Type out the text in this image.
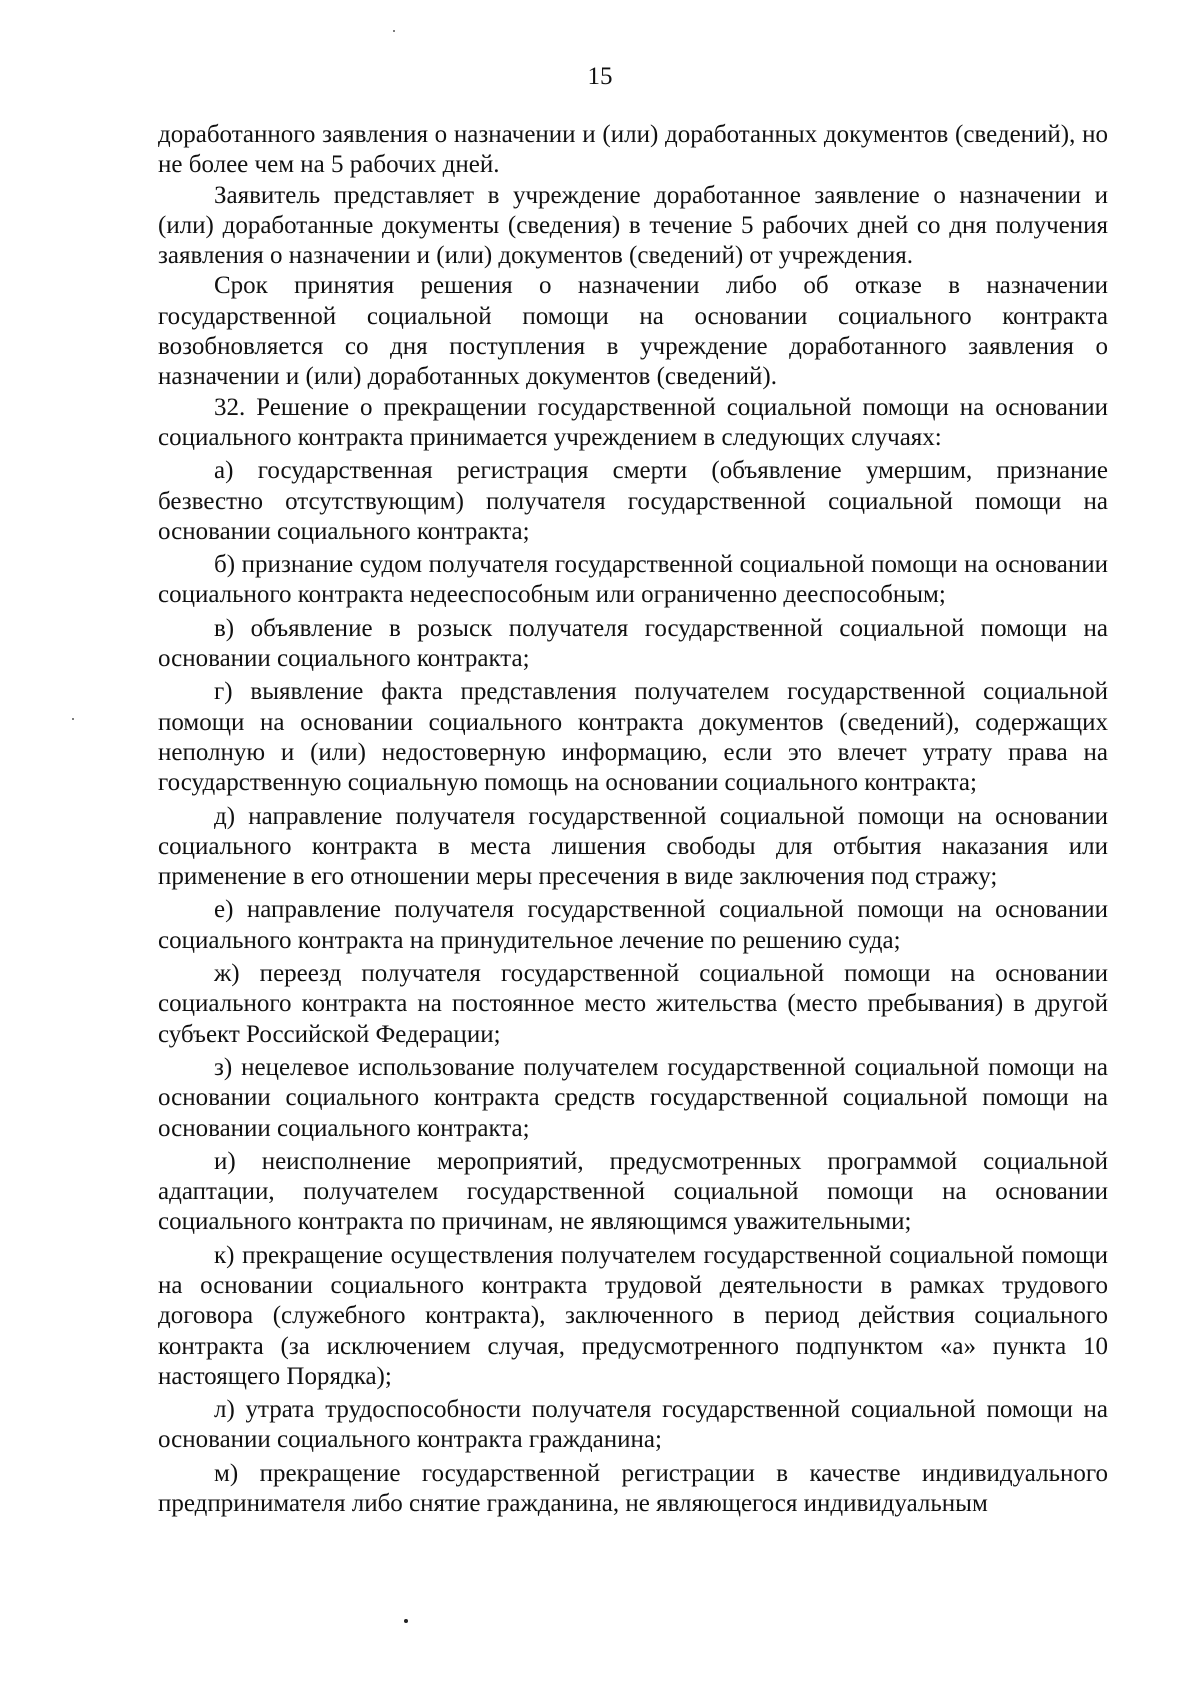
15

доработанного заявления о назначении и (или) доработанных документов (сведений), но не более чем на 5 рабочих дней.

Заявитель представляет в учреждение доработанное заявление о назначении и (или) доработанные документы (сведения) в течение 5 рабочих дней со дня получения заявления о назначении и (или) документов (сведений) от учреждения.

Срок принятия решения о назначении либо об отказе в назначении государственной социальной помощи на основании социального контракта возобновляется со дня поступления в учреждение доработанного заявления о назначении и (или) доработанных документов (сведений).

32. Решение о прекращении государственной социальной помощи на основании социального контракта принимается учреждением в следующих случаях:

а) государственная регистрация смерти (объявление умершим, признание безвестно отсутствующим) получателя государственной социальной помощи на основании социального контракта;

б) признание судом получателя государственной социальной помощи на основании социального контракта недееспособным или ограниченно дееспособным;

в) объявление в розыск получателя государственной социальной помощи на основании социального контракта;

г) выявление факта представления получателем государственной социальной помощи на основании социального контракта документов (сведений), содержащих неполную и (или) недостоверную информацию, если это влечет утрату права на государственную социальную помощь на основании социального контракта;

д) направление получателя государственной социальной помощи на основании социального контракта в места лишения свободы для отбытия наказания или применение в его отношении меры пресечения в виде заключения под стражу;

е) направление получателя государственной социальной помощи на основании социального контракта на принудительное лечение по решению суда;

ж) переезд получателя государственной социальной помощи на основании социального контракта на постоянное место жительства (место пребывания) в другой субъект Российской Федерации;

з) нецелевое использование получателем государственной социальной помощи на основании социального контракта средств государственной социальной помощи на основании социального контракта;

и) неисполнение мероприятий, предусмотренных программой социальной адаптации, получателем государственной социальной помощи на основании социального контракта по причинам, не являющимся уважительными;

к) прекращение осуществления получателем государственной социальной помощи на основании социального контракта трудовой деятельности в рамках трудового договора (служебного контракта), заключенного в период действия социального контракта (за исключением случая, предусмотренного подпунктом «а» пункта 10 настоящего Порядка);

л) утрата трудоспособности получателя государственной социальной помощи на основании социального контракта гражданина;

м) прекращение государственной регистрации в качестве индивидуального предпринимателя либо снятие гражданина, не являющегося индивидуальным
